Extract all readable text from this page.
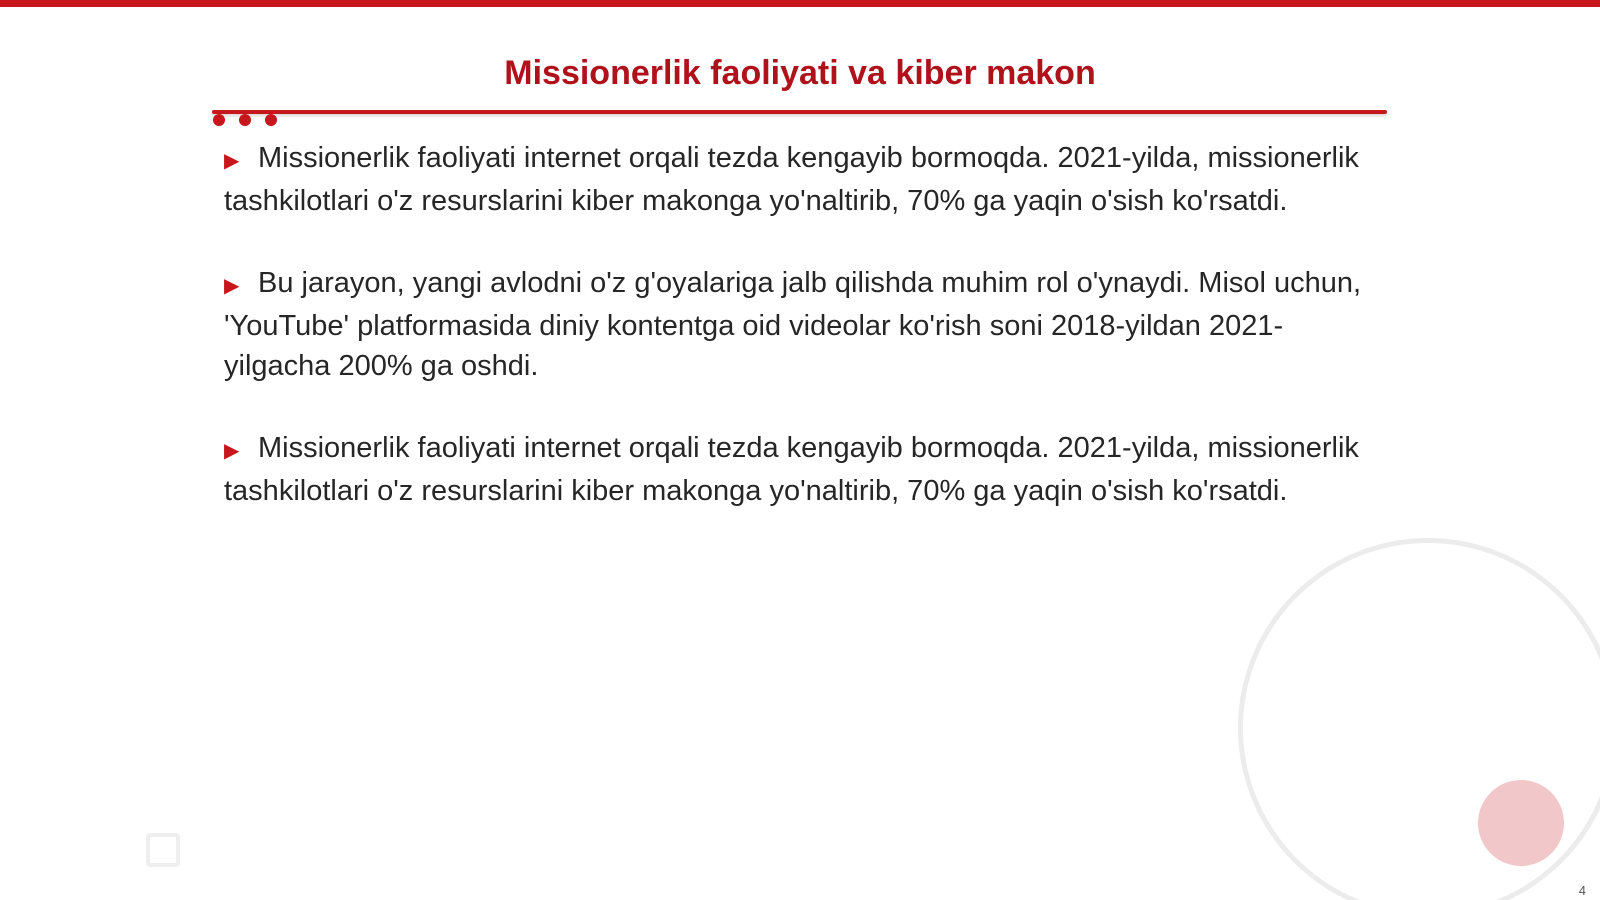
Missionerlik faoliyati va kiber makon
▶ Missionerlik faoliyati internet orqali tezda kengayib bormoqda. 2021-yilda, missionerlik tashkilotlari o'z resurslarini kiber makonga yo'naltirib, 70% ga yaqin o'sish ko'rsatdi.
▶ Bu jarayon, yangi avlodni o'z g'oyalariga jalb qilishda muhim rol o'ynaydi. Misol uchun, 'YouTube' platformasida diniy kontentga oid videolar ko'rish soni 2018-yildan 2021-yilgacha 200% ga oshdi.
▶ Missionerlik faoliyati internet orqali tezda kengayib bormoqda. 2021-yilda, missionerlik tashkilotlari o'z resurslarini kiber makonga yo'naltirib, 70% ga yaqin o'sish ko'rsatdi.
4
